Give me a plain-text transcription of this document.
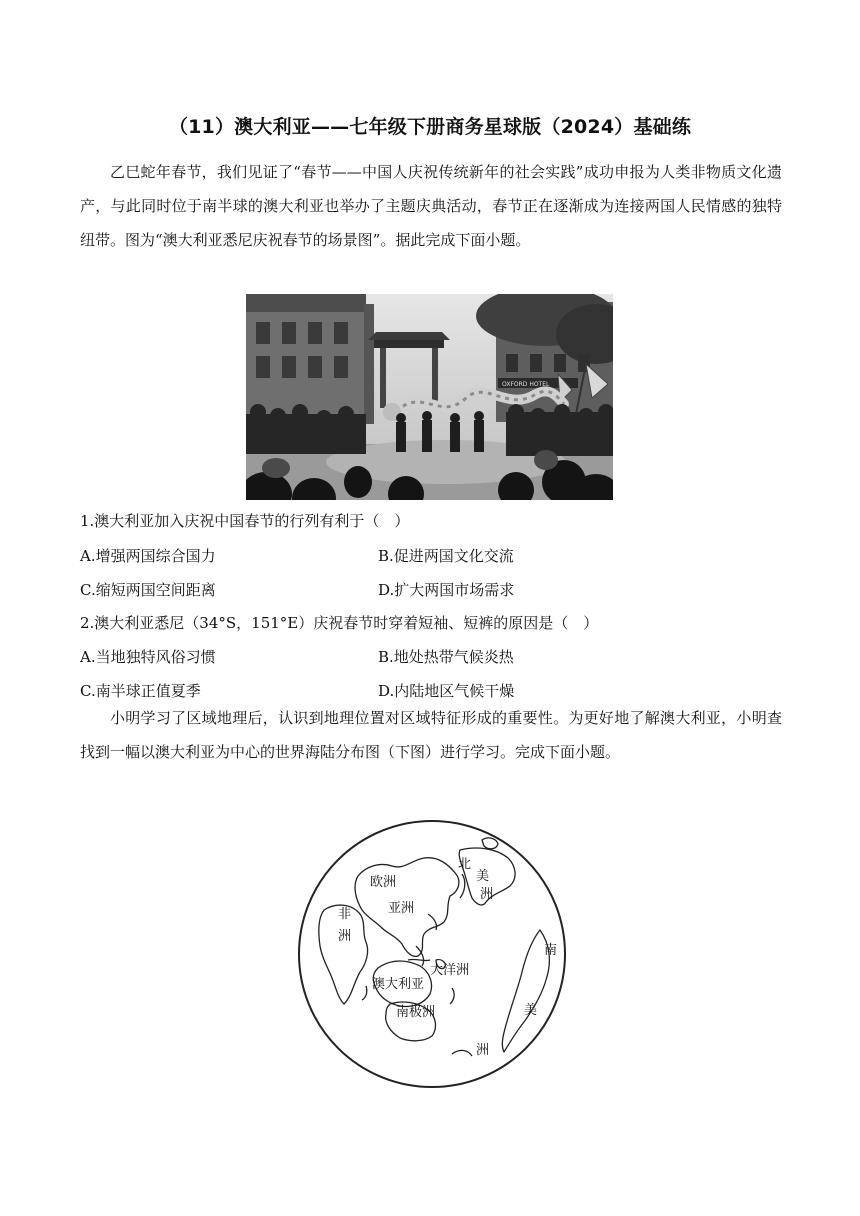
（11）澳大利亚——七年级下册商务星球版（2024）基础练
乙巳蛇年春节，我们见证了“春节——中国人庆祝传统新年的社会实践”成功申报为人类非物质文化遗产，与此同时位于南半球的澳大利亚也举办了主题庆典活动，春节正在逐渐成为连接两国人民情感的独特纽带。图为“澳大利亚悉尼庆祝春节的场景图”。据此完成下面小题。
OXFORD HOTEL
1.澳大利亚加入庆祝中国春节的行列有利于（　）
A.增强两国综合国力	B.促进两国文化交流
C.缩短两国空间距离	D.扩大两国市场需求
2.澳大利亚悉尼（34°S，151°E）庆祝春节时穿着短袖、短裤的原因是（　）
A.当地独特风俗习惯	B.地处热带气候炎热
C.南半球正值夏季	D.内陆地区气候干燥
小明学习了区域地理后，认识到地理位置对区域特征形成的重要性。为更好地了解澳大利亚，小明查找到一幅以澳大利亚为中心的世界海陆分布图（下图）进行学习。完成下面小题。
欧洲
亚洲
非
洲
北
美
洲
大洋洲
澳大利亚
南极洲
南
美
洲
